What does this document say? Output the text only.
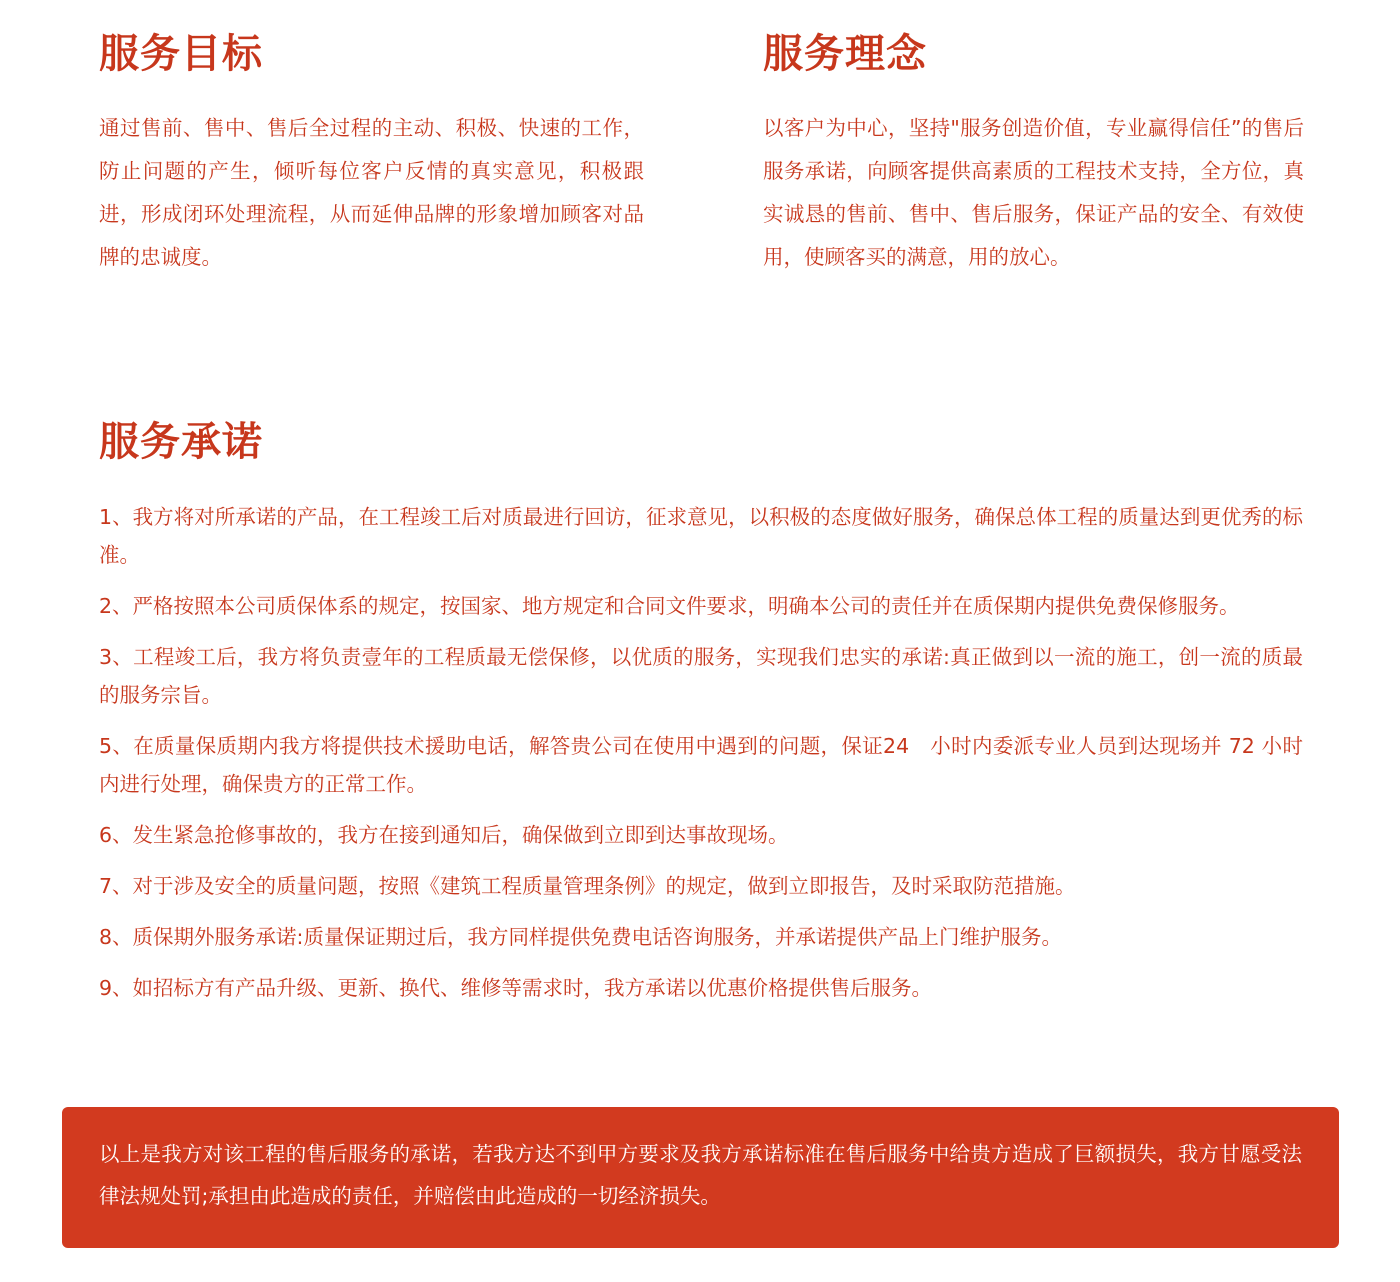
服务目标

通过售前、售中、售后全过程的主动、积极、快速的工作，防止问题的产生，倾听每位客户反情的真实意见，积极跟进，形成闭环处理流程，从而延伸品牌的形象增加顾客对品牌的忠诚度。

服务理念

以客户为中心，坚持"服务创造价值，专业赢得信任”的售后服务承诺，向顾客提供高素质的工程技术支持，全方位，真实诚恳的售前、售中、售后服务，保证产品的安全、有效使用，使顾客买的满意，用的放心。

服务承诺
1、我方将对所承诺的产品，在工程竣工后对质最进行回访，征求意见，以积极的态度做好服务，确保总体工程的质量达到更优秀的标准。
2、严格按照本公司质保体系的规定，按国家、地方规定和合同文件要求，明确本公司的责任并在质保期内提供免费保修服务。
3、工程竣工后，我方将负责壹年的工程质最无偿保修，以优质的服务，实现我们忠实的承诺:真正做到以一流的施工，创一流的质最的服务宗旨。
5、在质量保质期内我方将提供技术援助电话，解答贵公司在使用中遇到的问题，保证24　小时内委派专业人员到达现场并 72 小时内进行处理，确保贵方的正常工作。
6、发生紧急抢修事故的，我方在接到通知后，确保做到立即到达事故现场。
7、对于涉及安全的质量问题，按照《建筑工程质量管理条例》的规定，做到立即报告，及时采取防范措施。
8、质保期外服务承诺:质量保证期过后，我方同样提供免费电话咨询服务，并承诺提供产品上门维护服务。
9、如招标方有产品升级、更新、换代、维修等需求时，我方承诺以优惠价格提供售后服务。

以上是我方对该工程的售后服务的承诺，若我方达不到甲方要求及我方承诺标准在售后服务中给贵方造成了巨额损失，我方甘愿受法律法规处罚;承担由此造成的责任，并赔偿由此造成的一切经济损失。
